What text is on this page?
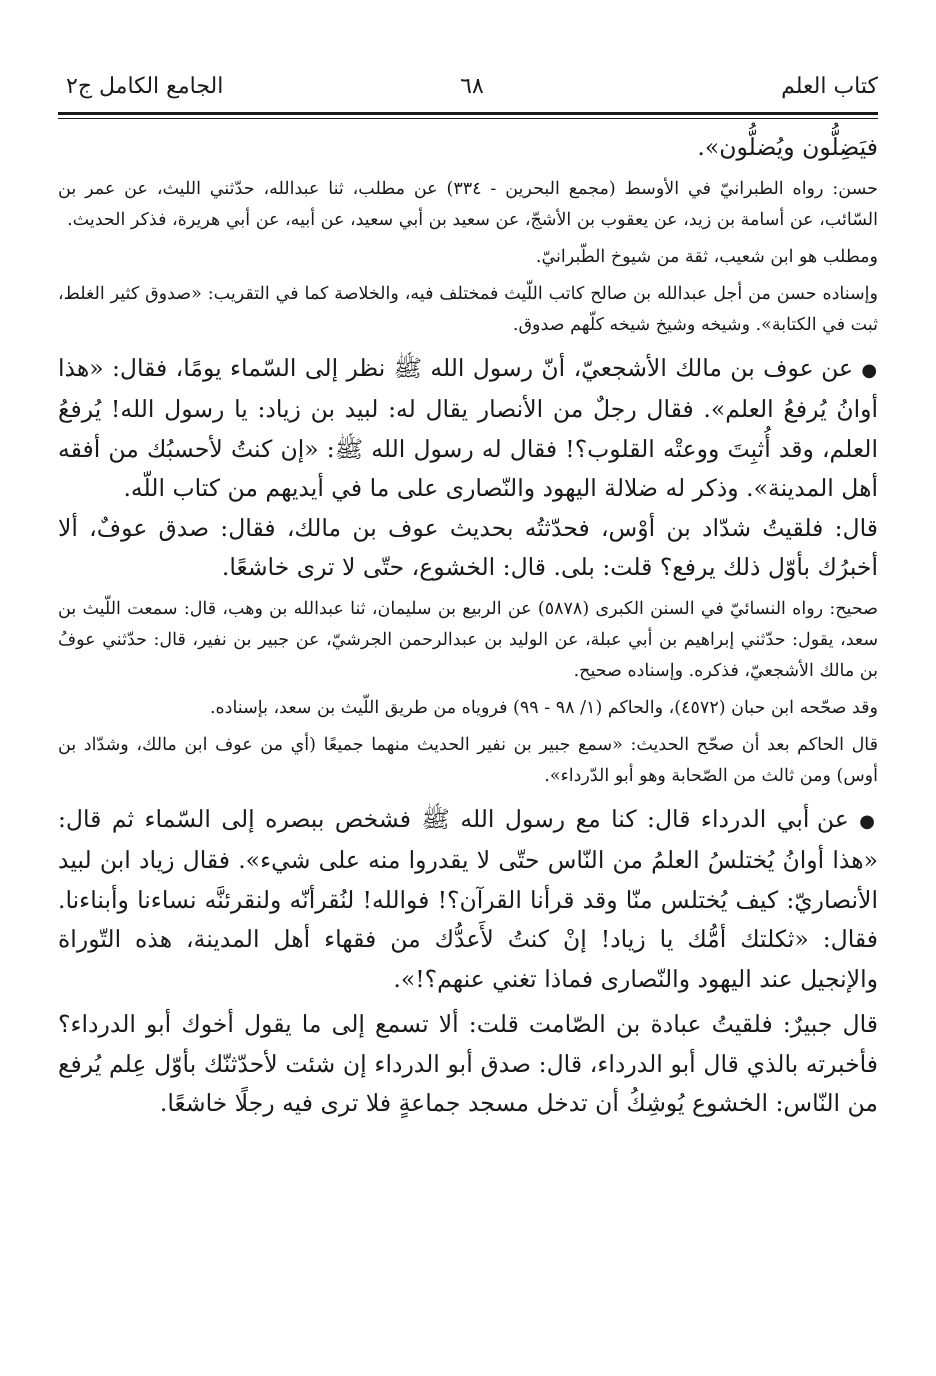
كتاب العلم
٦٨
الجامع الكامل ج٢

فيَضِلُّون ويُضلُّون».

حسن: رواه الطبرانيّ في الأوسط (مجمع البحرين - ٣٣٤) عن مطلب، ثنا عبدالله، حدّثني الليث، عن عمر بن السّائب، عن أسامة بن زيد، عن يعقوب بن الأشجّ، عن سعيد بن أبي سعيد، عن أبيه، عن أبي هريرة، فذكر الحديث.

ومطلب هو ابن شعيب، ثقة من شيوخ الطّبرانيّ.

وإسناده حسن من أجل عبدالله بن صالح كاتب اللّيث فمختلف فيه، والخلاصة كما في التقريب: «صدوق كثير الغلط، ثبت في الكتابة». وشيخه وشيخ شيخه كلّهم صدوق.

● عن عوف بن مالك الأشجعيّ، أنّ رسول الله ﷺ نظر إلى السّماء يومًا، فقال: «هذا أوانُ يُرفعُ العلم». فقال رجلٌ من الأنصار يقال له: لبيد بن زياد: يا رسول الله! يُرفعُ العلم، وقد أُثبِتَ ووعتْه القلوب؟! فقال له رسول الله ﷺ: «إن كنتُ لأحسبُك من أفقه أهل المدينة». وذكر له ضلالة اليهود والنّصارى على ما في أيديهم من كتاب اللّه.

قال: فلقيتُ شدّاد بن أوْس، فحدّثتُه بحديث عوف بن مالك، فقال: صدق عوفٌ، ألا أخبرُك بأوّل ذلك يرفع؟ قلت: بلى. قال: الخشوع، حتّى لا ترى خاشعًا.

صحيح: رواه النسائيّ في السنن الكبرى (٥٨٧٨) عن الربيع بن سليمان، ثنا عبدالله بن وهب، قال: سمعت اللّيث بن سعد، يقول: حدّثني إبراهيم بن أبي عبلة، عن الوليد بن عبدالرحمن الجرشيّ، عن جبير بن نفير، قال: حدّثني عوفُ بن مالك الأشجعيّ، فذكره. وإسناده صحيح.

وقد صحّحه ابن حبان (٤٥٧٢)، والحاكم (١/ ٩٨ - ٩٩) فروياه من طريق اللّيث بن سعد، بإسناده.

قال الحاكم بعد أن صحّح الحديث: «سمع جبير بن نفير الحديث منهما جميعًا (أي من عوف ابن مالك، وشدّاد بن أوس) ومن ثالث من الصّحابة وهو أبو الدّرداء».

● عن أبي الدرداء قال: كنا مع رسول الله ﷺ فشخص ببصره إلى السّماء ثم قال: «هذا أوانُ يُختلسُ العلمُ من النّاس حتّى لا يقدروا منه على شيء». فقال زياد ابن لبيد الأنصاريّ: كيف يُختلس منّا وقد قرأنا القرآن؟! فوالله! لنُقرأنّه ولنقرئنَّه نساءنا وأبناءنا. فقال: «ثكلتك أمُّك يا زياد! إنْ كنتُ لأَعدُّك من فقهاء أهل المدينة، هذه التّوراة والإنجيل عند اليهود والنّصارى فماذا تغني عنهم؟!».

قال جبيرٌ: فلقيتُ عبادة بن الصّامت قلت: ألا تسمع إلى ما يقول أخوك أبو الدرداء؟ فأخبرته بالذي قال أبو الدرداء، قال: صدق أبو الدرداء إن شئت لأحدّثنّك بأوّل عِلم يُرفع من النّاس: الخشوع يُوشِكُ أن تدخل مسجد جماعةٍ فلا ترى فيه رجلًا خاشعًا.
